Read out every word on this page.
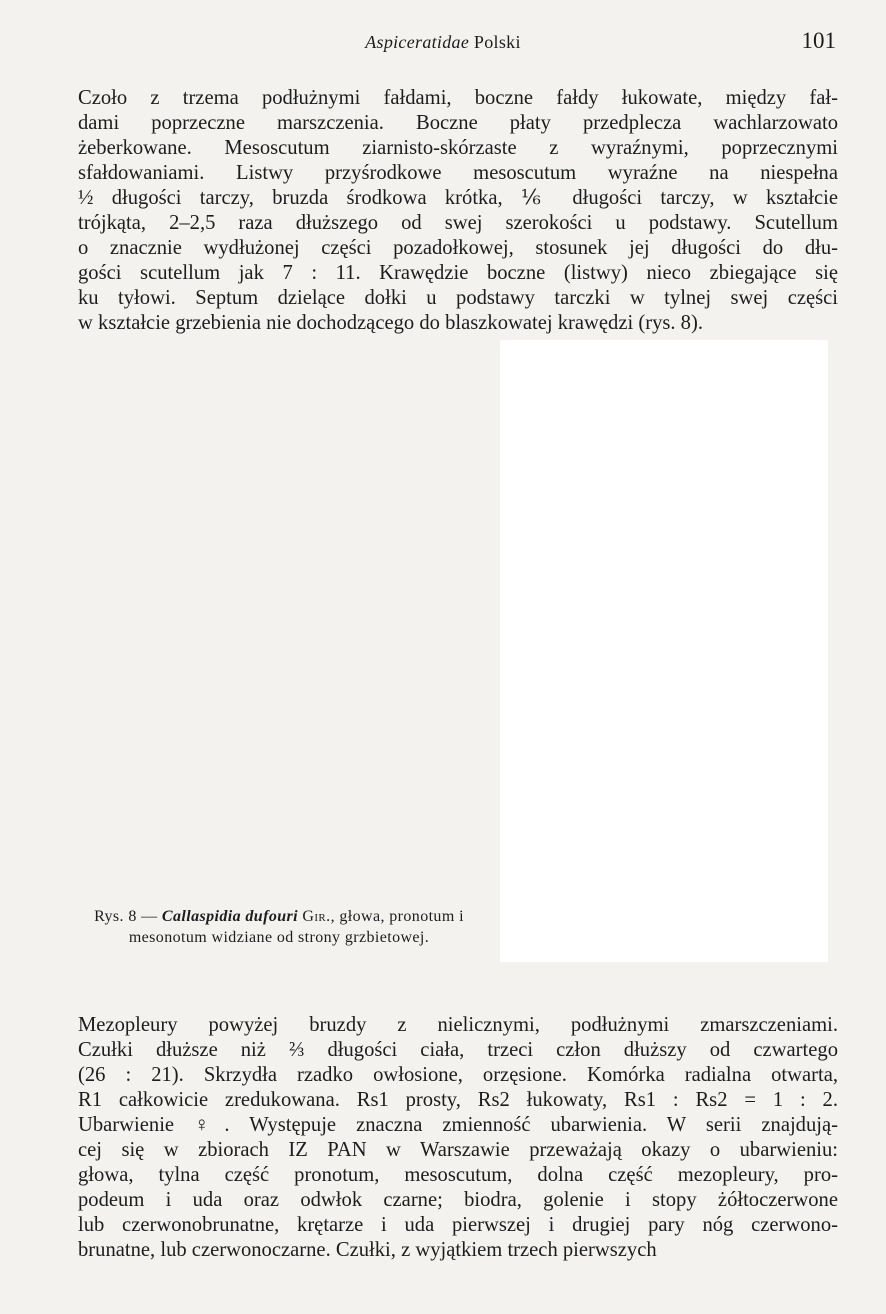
Aspiceratidae Polski	101
Czoło z trzema podłużnymi fałdami, boczne fałdy łukowate, między fał-
dami poprzeczne marszczenia. Boczne płaty przedplecza wachlarzowato
żeberkowane. Mesoscutum ziarnisto-skórzaste z wyraźnymi, poprzecznymi
sfałdowaniami. Listwy przyśrodkowe mesoscutum wyraźne na niespełna
½ długości tarczy, bruzda środkowa krótka, ⅙ długości tarczy, w kształcie
trójkąta, 2–2,5 raza dłuższego od swej szerokości u podstawy. Scutellum
o znacznie wydłużonej części pozadołkowej, stosunek jej długości do dłu-
gości scutellum jak 7 : 11. Krawędzie boczne (listwy) nieco zbiegające się
ku tyłowi. Septum dzielące dołki u podstawy tarczki w tylnej swej części
w kształcie grzebienia nie dochodzącego do blaszkowatej krawędzi (rys. 8).
Rys. 8 — Callaspidia dufouri Gir., głowa, pronotum i mesonotum widziane od strony grzbietowej.
Mezopleury powyżej bruzdy z nielicznymi, podłużnymi zmarszczeniami.
Czułki dłuższe niż ⅔ długości ciała, trzeci człon dłuższy od czwartego
(26 : 21). Skrzydła rzadko owłosione, orzęsione. Komórka radialna otwarta,
R1 całkowicie zredukowana. Rs1 prosty, Rs2 łukowaty, Rs1 : Rs2 = 1 : 2.
Ubarwienie ♀. Występuje znaczna zmienność ubarwienia. W serii znajdują-
cej się w zbiorach IZ PAN w Warszawie przeważają okazy o ubarwieniu:
głowa, tylna część pronotum, mesoscutum, dolna część mezopleury, pro-
podeum i uda oraz odwłok czarne; biodra, golenie i stopy żółtoczerwone
lub czerwonobrunatne, krętarze i uda pierwszej i drugiej pary nóg czerwono-
brunatne, lub czerwonoczarne. Czułki, z wyjątkiem trzech pierwszych
